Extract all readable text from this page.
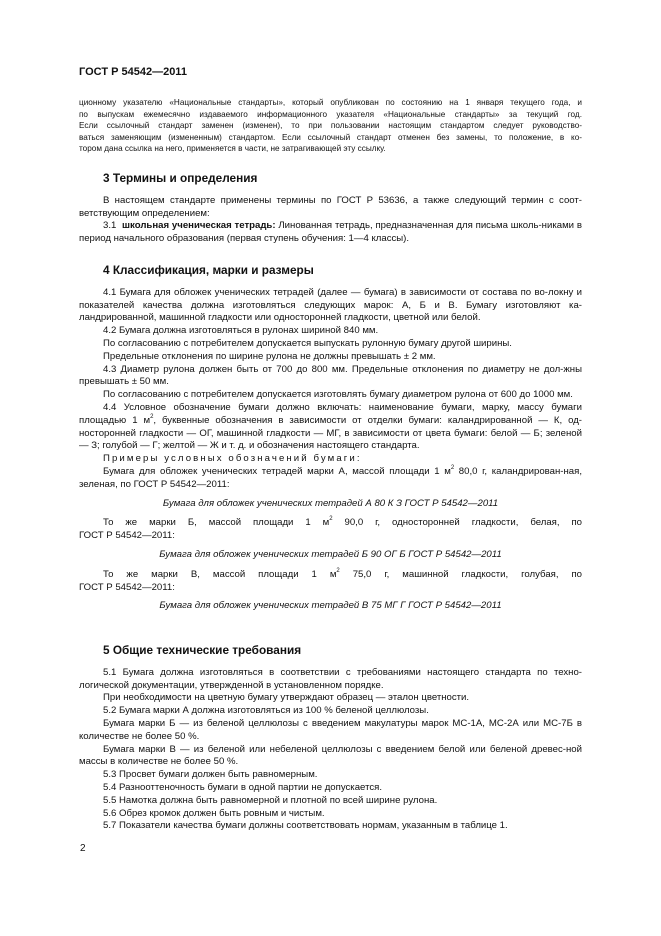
ГОСТ Р 54542—2011
ционному указателю «Национальные стандарты», который опубликован по состоянию на 1 января текущего года, и
по выпускам ежемесячно издаваемого информационного указателя «Национальные стандарты» за текущий год.
Если ссылочный стандарт заменен (изменен), то при пользовании настоящим стандартом следует руководство-
ваться заменяющим (измененным) стандартом. Если ссылочный стандарт отменен без замены, то положение, в ко-
тором дана ссылка на него, применяется в части, не затрагивающей эту ссылку.
3 Термины и определения
В настоящем стандарте применены термины по ГОСТ Р 53636, а также следующий термин с соот-ветствующим определением:
3.1 школьная ученическая тетрадь: Линованная тетрадь, предназначенная для письма школь-никами в период начального образования (первая ступень обучения: 1—4 классы).
4 Классификация, марки и размеры
4.1 Бумага для обложек ученических тетрадей (далее — бумага) в зависимости от состава по во-локну и показателей качества должна изготовляться следующих марок: А, Б и В. Бумагу изготовляют ка-ландрированной, машинной гладкости или односторонней гладкости, цветной или белой.
4.2 Бумага должна изготовляться в рулонах шириной 840 мм.
По согласованию с потребителем допускается выпускать рулонную бумагу другой ширины.
Предельные отклонения по ширине рулона не должны превышать ± 2 мм.
4.3 Диаметр рулона должен быть от 700 до 800 мм. Предельные отклонения по диаметру не дол-жны превышать ± 50 мм.
По согласованию с потребителем допускается изготовлять бумагу диаметром рулона от 600 до 1000 мм.
4.4 Условное обозначение бумаги должно включать: наименование бумаги, марку, массу бумаги площадью 1 $м^2$, буквенные обозначения в зависимости от отделки бумаги: каландрированной — К, од-носторонней гладкости — ОГ, машинной гладкости — МГ, в зависимости от цвета бумаги: белой — Б; зеленой — З; голубой — Г; желтой — Ж и т. д. и обозначения настоящего стандарта.
Примеры условных обозначений бумаги:
Бумага для обложек ученических тетрадей марки А, массой площади 1 $м^2$ 80,0 г, каландрирован-ная, зеленая, по ГОСТ Р 54542—2011:
Бумага для обложек ученических тетрадей А 80 К З ГОСТ Р 54542—2011
То же марки Б, массой площади 1 $м^2$ 90,0 г, односторонней гладкости, белая, по
ГОСТ Р 54542—2011:
Бумага для обложек ученических тетрадей Б 90 ОГ Б ГОСТ Р 54542—2011
То же марки В, массой площади 1 $м^2$ 75,0 г, машинной гладкости, голубая, по
ГОСТ Р 54542—2011:
Бумага для обложек ученических тетрадей В 75 МГ Г ГОСТ Р 54542—2011
5 Общие технические требования
5.1 Бумага должна изготовляться в соответствии с требованиями настоящего стандарта по техно-логической документации, утвержденной в установленном порядке.
При необходимости на цветную бумагу утверждают образец — эталон цветности.
5.2 Бумага марки А должна изготовляться из 100 % беленой целлюлозы.
Бумага марки Б — из беленой целлюлозы с введением макулатуры марок МС-1А, МС-2А или МС-7Б в количестве не более 50 %.
Бумага марки В — из беленой или небеленой целлюлозы с введением белой или беленой древес-ной массы в количестве не более 50 %.
5.3 Просвет бумаги должен быть равномерным.
5.4 Разнооттеночность бумаги в одной партии не допускается.
5.5 Намотка должна быть равномерной и плотной по всей ширине рулона.
5.6 Обрез кромок должен быть ровным и чистым.
5.7 Показатели качества бумаги должны соответствовать нормам, указанным в таблице 1.
2
